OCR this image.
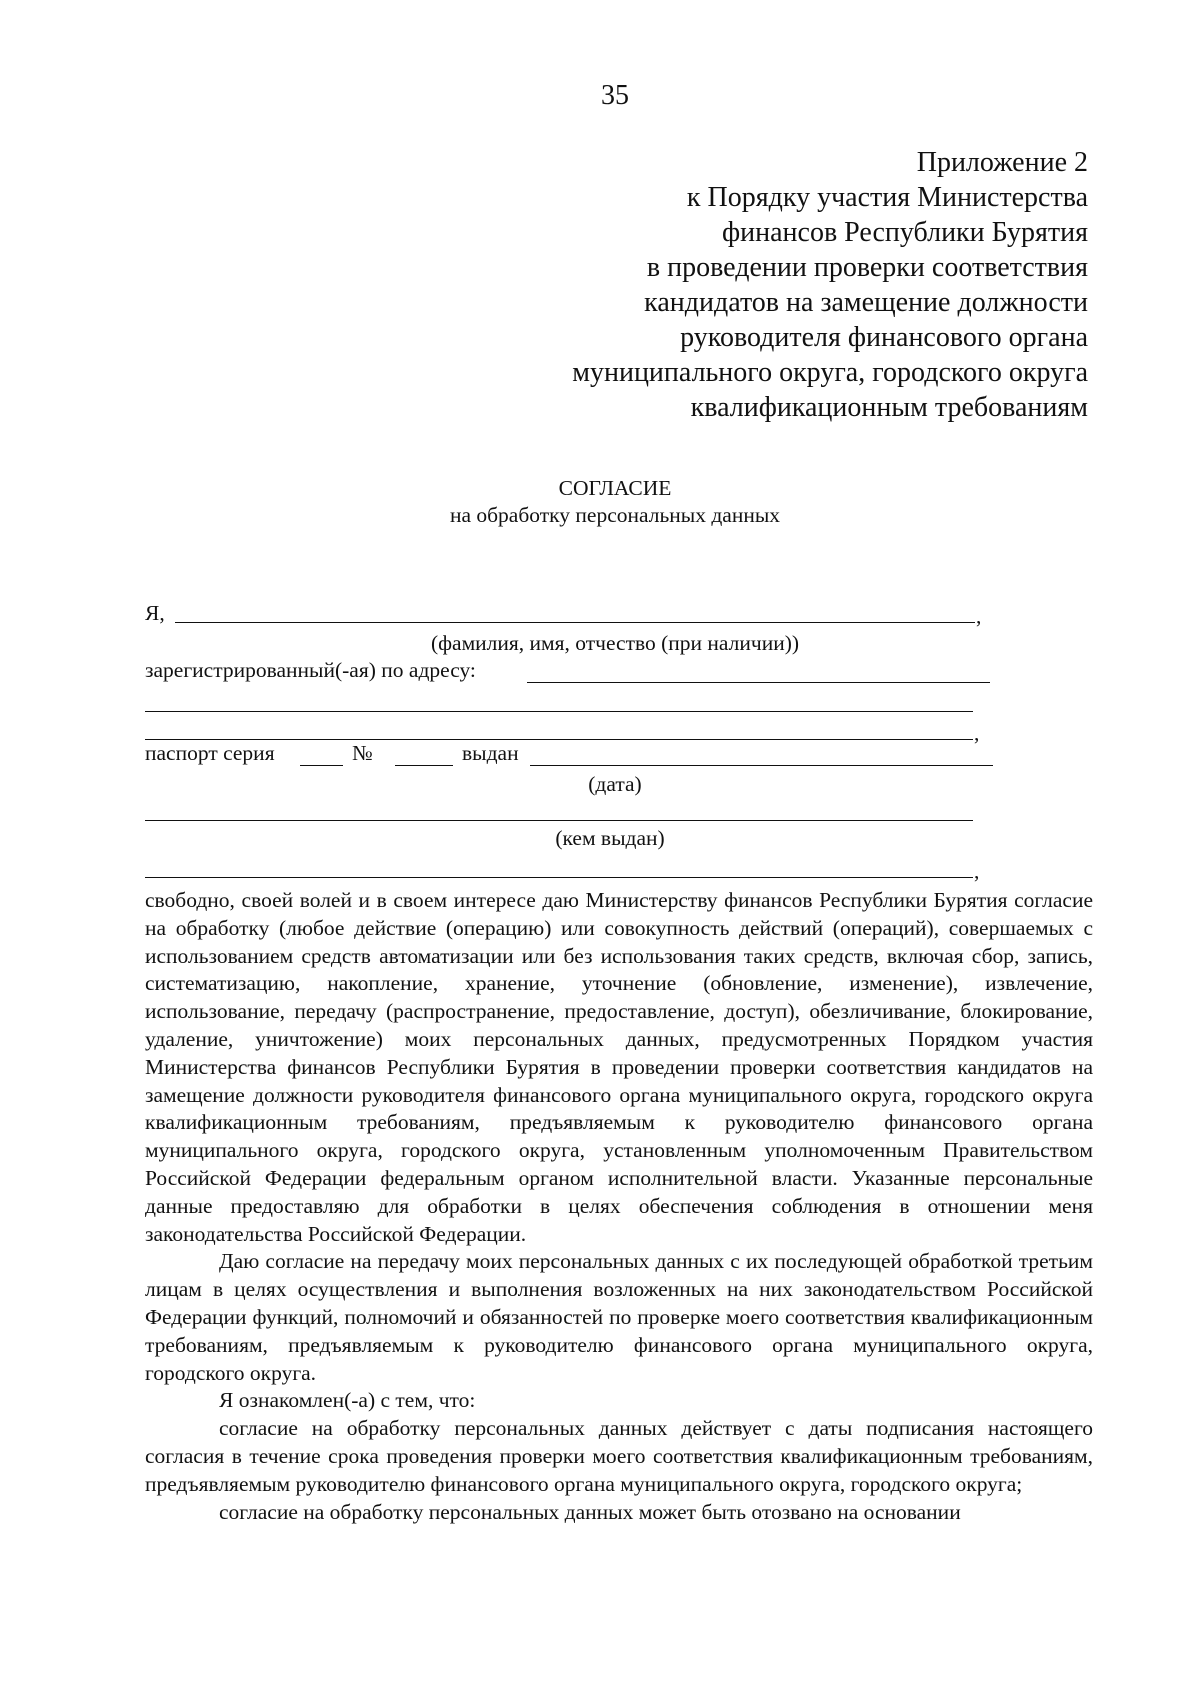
35
Приложение 2
к Порядку участия Министерства
финансов Республики Бурятия
в проведении проверки соответствия
кандидатов на замещение должности
руководителя финансового органа
муниципального округа, городского округа
квалификационным требованиям
СОГЛАСИЕ
на обработку персональных данных
Я,	,
(фамилия, имя, отчество (при наличии))
зарегистрированный(-ая) по адресу:
,
паспорт серия	№	выдан
(дата)
(кем выдан)
,

свободно, своей волей и в своем интересе даю Министерству финансов Республики Бурятия согласие на обработку (любое действие (операцию) или совокупность действий (операций), совершаемых с использованием средств автоматизации или без использования таких средств, включая сбор, запись, систематизацию, накопление, хранение, уточнение (обновление, изменение), извлечение, использование, передачу (распространение, предоставление, доступ), обезличивание, блокирование, удаление, уничтожение) моих персональных данных, предусмотренных Порядком участия Министерства финансов Республики Бурятия в проведении проверки соответствия кандидатов на замещение должности руководителя финансового органа муниципального округа, городского округа квалификационным требованиям, предъявляемым к руководителю финансового органа муниципального округа, городского округа, установленным уполномоченным Правительством Российской Федерации федеральным органом исполнительной власти. Указанные персональные данные предоставляю для обработки в целях обеспечения соблюдения в отношении меня законодательства Российской Федерации.

Даю согласие на передачу моих персональных данных с их последующей обработкой третьим лицам в целях осуществления и выполнения возложенных на них законодательством Российской Федерации функций, полномочий и обязанностей по проверке моего соответствия квалификационным требованиям, предъявляемым к руководителю финансового органа муниципального округа, городского округа.

Я ознакомлен(-а) с тем, что:

согласие на обработку персональных данных действует с даты подписания настоящего согласия в течение срока проведения проверки моего соответствия квалификационным требованиям, предъявляемым руководителю финансового органа муниципального округа, городского округа;

согласие на обработку персональных данных может быть отозвано на основании
